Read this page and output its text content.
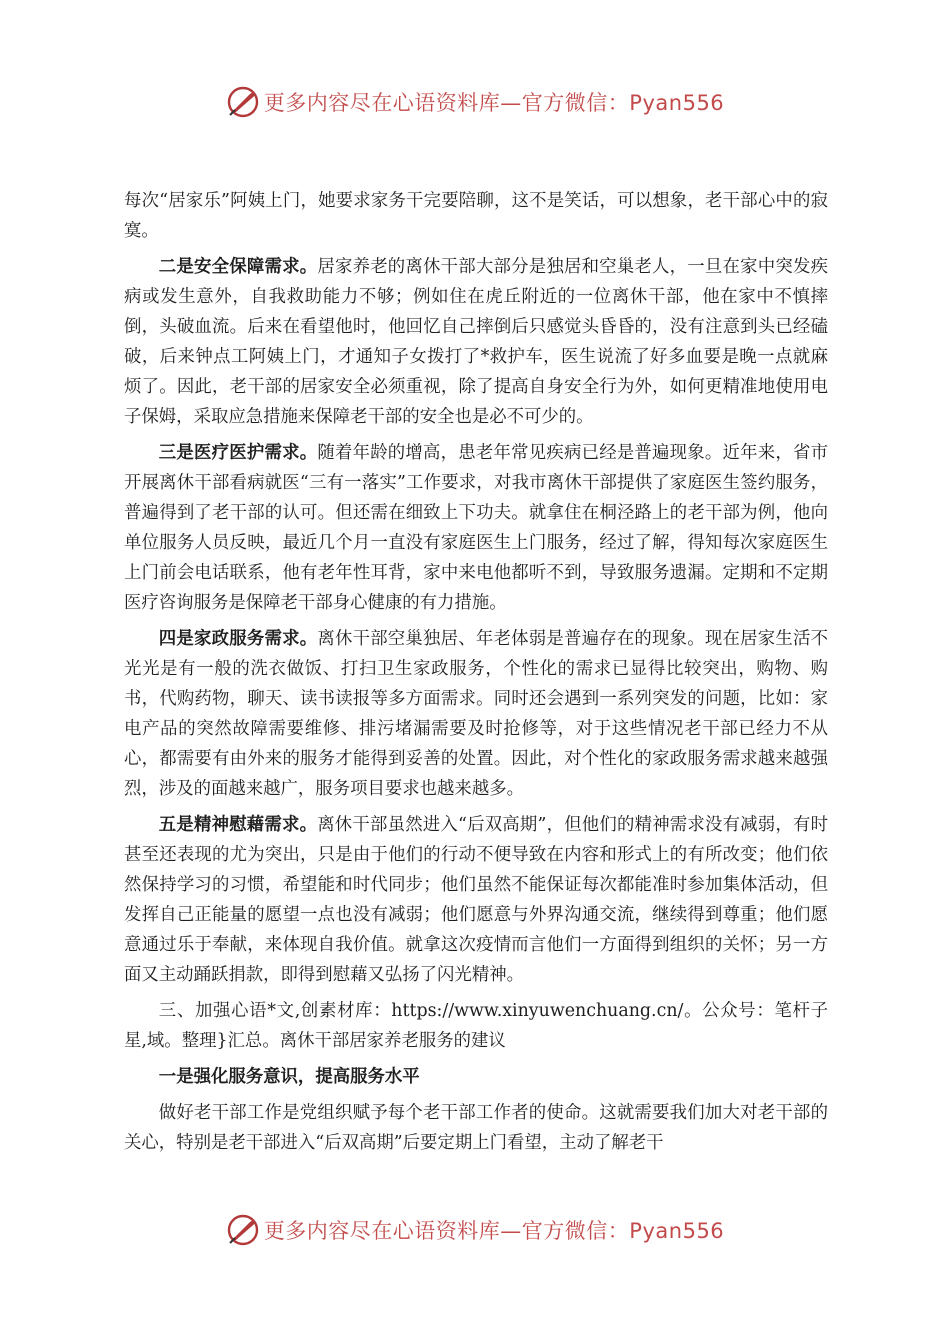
更多内容尽在心语资料库—官方微信：Pyan556

每次“居家乐”阿姨上门，她要求家务干完要陪聊，这不是笑话，可以想象，老干部心中的寂寞。

二是安全保障需求。居家养老的离休干部大部分是独居和空巢老人，一旦在家中突发疾病或发生意外，自我救助能力不够；例如住在虎丘附近的一位离休干部，他在家中不慎摔倒，头破血流。后来在看望他时，他回忆自己摔倒后只感觉头昏昏的，没有注意到头已经磕破，后来钟点工阿姨上门，才通知子女拨打了*救护车，医生说流了好多血要是晚一点就麻烦了。因此，老干部的居家安全必须重视，除了提高自身安全行为外，如何更精准地使用电子保姆，采取应急措施来保障老干部的安全也是必不可少的。

三是医疗医护需求。随着年龄的增高，患老年常见疾病已经是普遍现象。近年来，省市开展离休干部看病就医“三有一落实”工作要求，对我市离休干部提供了家庭医生签约服务，普遍得到了老干部的认可。但还需在细致上下功夫。就拿住在桐泾路上的老干部为例，他向单位服务人员反映，最近几个月一直没有家庭医生上门服务，经过了解，得知每次家庭医生上门前会电话联系，他有老年性耳背，家中来电他都听不到，导致服务遗漏。定期和不定期医疗咨询服务是保障老干部身心健康的有力措施。

四是家政服务需求。离休干部空巢独居、年老体弱是普遍存在的现象。现在居家生活不光光是有一般的洗衣做饭、打扫卫生家政服务，个性化的需求已显得比较突出，购物、购书，代购药物，聊天、读书读报等多方面需求。同时还会遇到一系列突发的问题，比如：家电产品的突然故障需要维修、排污堵漏需要及时抢修等，对于这些情况老干部已经力不从心，都需要有由外来的服务才能得到妥善的处置。因此，对个性化的家政服务需求越来越强烈，涉及的面越来越广，服务项目要求也越来越多。

五是精神慰藉需求。离休干部虽然进入“后双高期”，但他们的精神需求没有减弱，有时甚至还表现的尤为突出，只是由于他们的行动不便导致在内容和形式上的有所改变；他们依然保持学习的习惯，希望能和时代同步；他们虽然不能保证每次都能准时参加集体活动，但发挥自己正能量的愿望一点也没有减弱；他们愿意与外界沟通交流，继续得到尊重；他们愿意通过乐于奉献，来体现自我价值。就拿这次疫情而言他们一方面得到组织的关怀；另一方面又主动踊跃捐款，即得到慰藉又弘扬了闪光精神。

三、加强心语*文,创素材库：https://www.xinyuwenchuang.cn/。公众号：笔杆子星,域。整理}汇总。离休干部居家养老服务的建议

一是强化服务意识，提高服务水平

做好老干部工作是党组织赋予每个老干部工作者的使命。这就需要我们加大对老干部的关心，特别是老干部进入“后双高期”后要定期上门看望，主动了解老干

更多内容尽在心语资料库—官方微信：Pyan556
